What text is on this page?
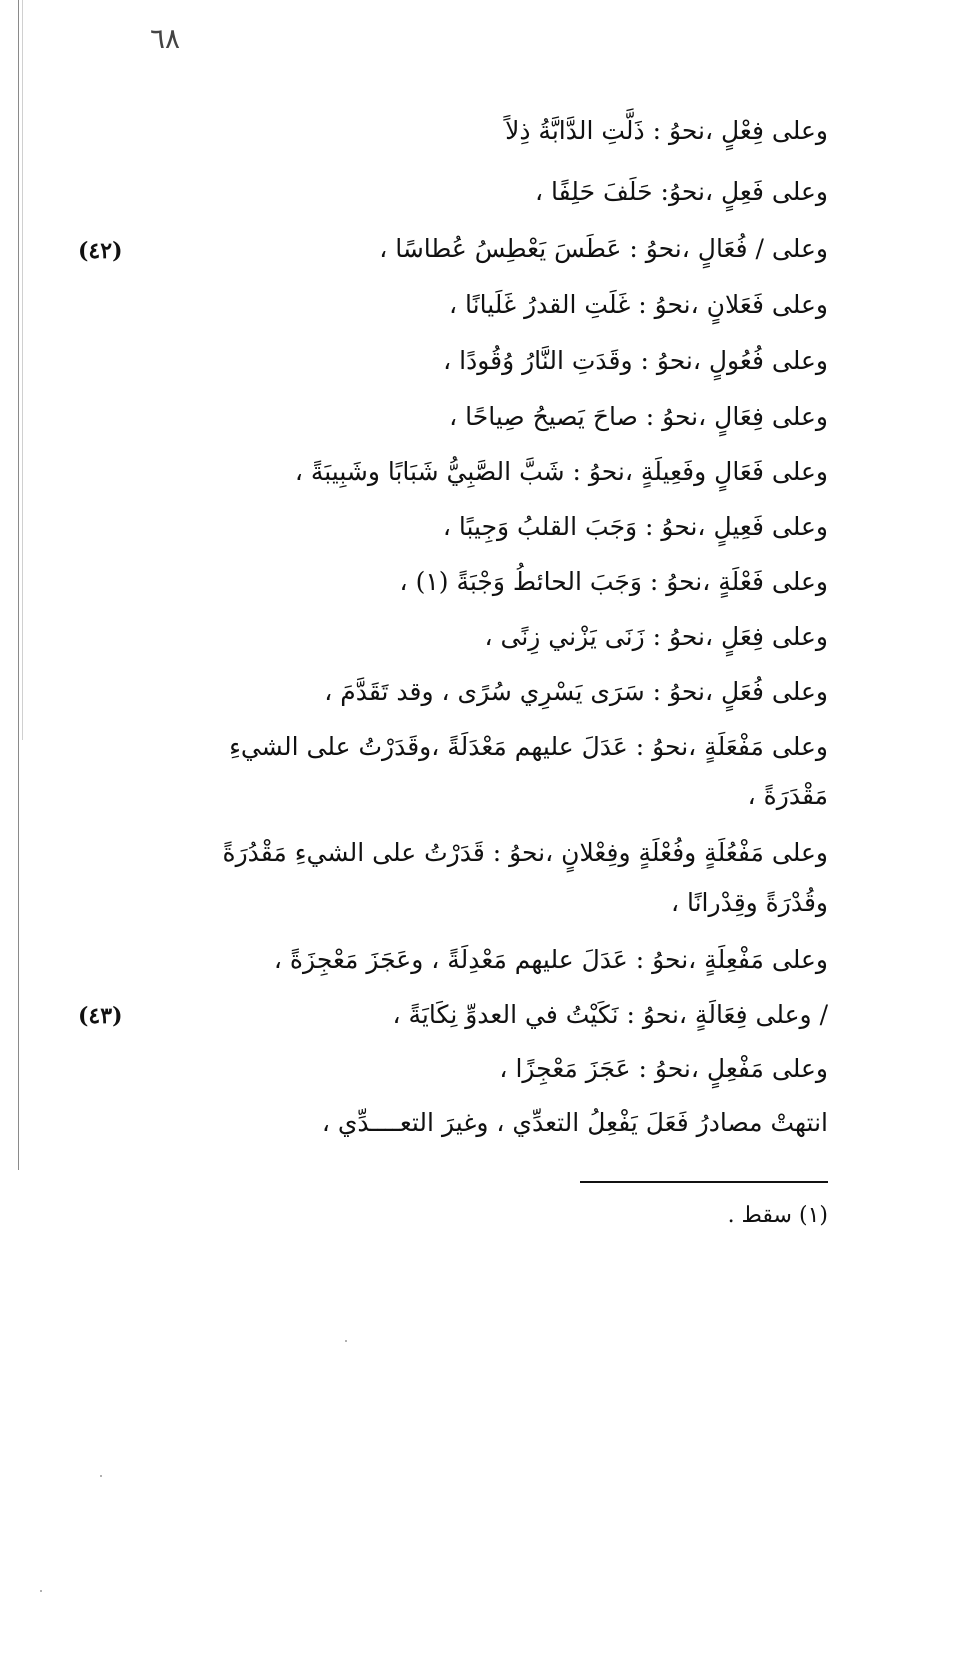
٦٨
وعلى فِعْلٍ ،نحوُ : ذَلَّتِ الدَّابَّةُ ذِلاً
وعلى فَعِلٍ ،نحوُ: حَلَفَ حَلِفًا ،
وعلى / فُعَالٍ ،نحوُ : عَطَسَ يَعْطِسُ عُطاسًا ،
وعلى فَعَلانٍ ،نحوُ : غَلَتِ القدرُ غَلَيانًا ،
وعلى فُعُولٍ ،نحوُ : وقَدَتِ النَّارُ وُقُودًا ،
وعلى فِعَالٍ ،نحوُ : صاحَ يَصيحُ صِياحًا ،
وعلى فَعَالٍ وفَعِيلَةٍ ،نحوُ : شَبَّ الصَّبِيُّ شَبَابًا وشَبِيبَةً ،
وعلى فَعِيلٍ ،نحوُ : وَجَبَ القلبُ وَجِيبًا ،
وعلى فَعْلَةٍ ،نحوُ : وَجَبَ الحائطُ وَجْبَةً (١) ،
وعلى فِعَلٍ ،نحوُ : زَنَى يَزْني زِنًى ،
وعلى فُعَلٍ ،نحوُ : سَرَى يَسْرِي سُرًى ، وقد تَقَدَّمَ ،
وعلى مَفْعَلَةٍ ،نحوُ : عَدَلَ عليهم مَعْدَلَةً ،وقَدَرْتُ على الشيءِ
مَقْدَرَةً ،
وعلى مَفْعُلَةٍ وفُعْلَةٍ وفِعْلانٍ ،نحوُ : قَدَرْتُ على الشيءِ مَقْدُرَةً
وقُدْرَةً وقِدْرانًا ،
وعلى مَفْعِلَةٍ ،نحوُ : عَدَلَ عليهم مَعْدِلَةً ، وعَجَزَ مَعْجِزَةً ،
/ وعلى فِعَالَةٍ ،نحوُ : نَكَيْتُ في العدوِّ نِكَايَةً ،
وعلى مَفْعِلٍ ،نحوُ : عَجَزَ مَعْجِزًا ،
انتهتْ مصادرُ فَعَلَ يَفْعِلُ التعدِّي ، وغيرَ التعــــدِّي ،
(٤٢)
(٤٣)
(١) سقط .
